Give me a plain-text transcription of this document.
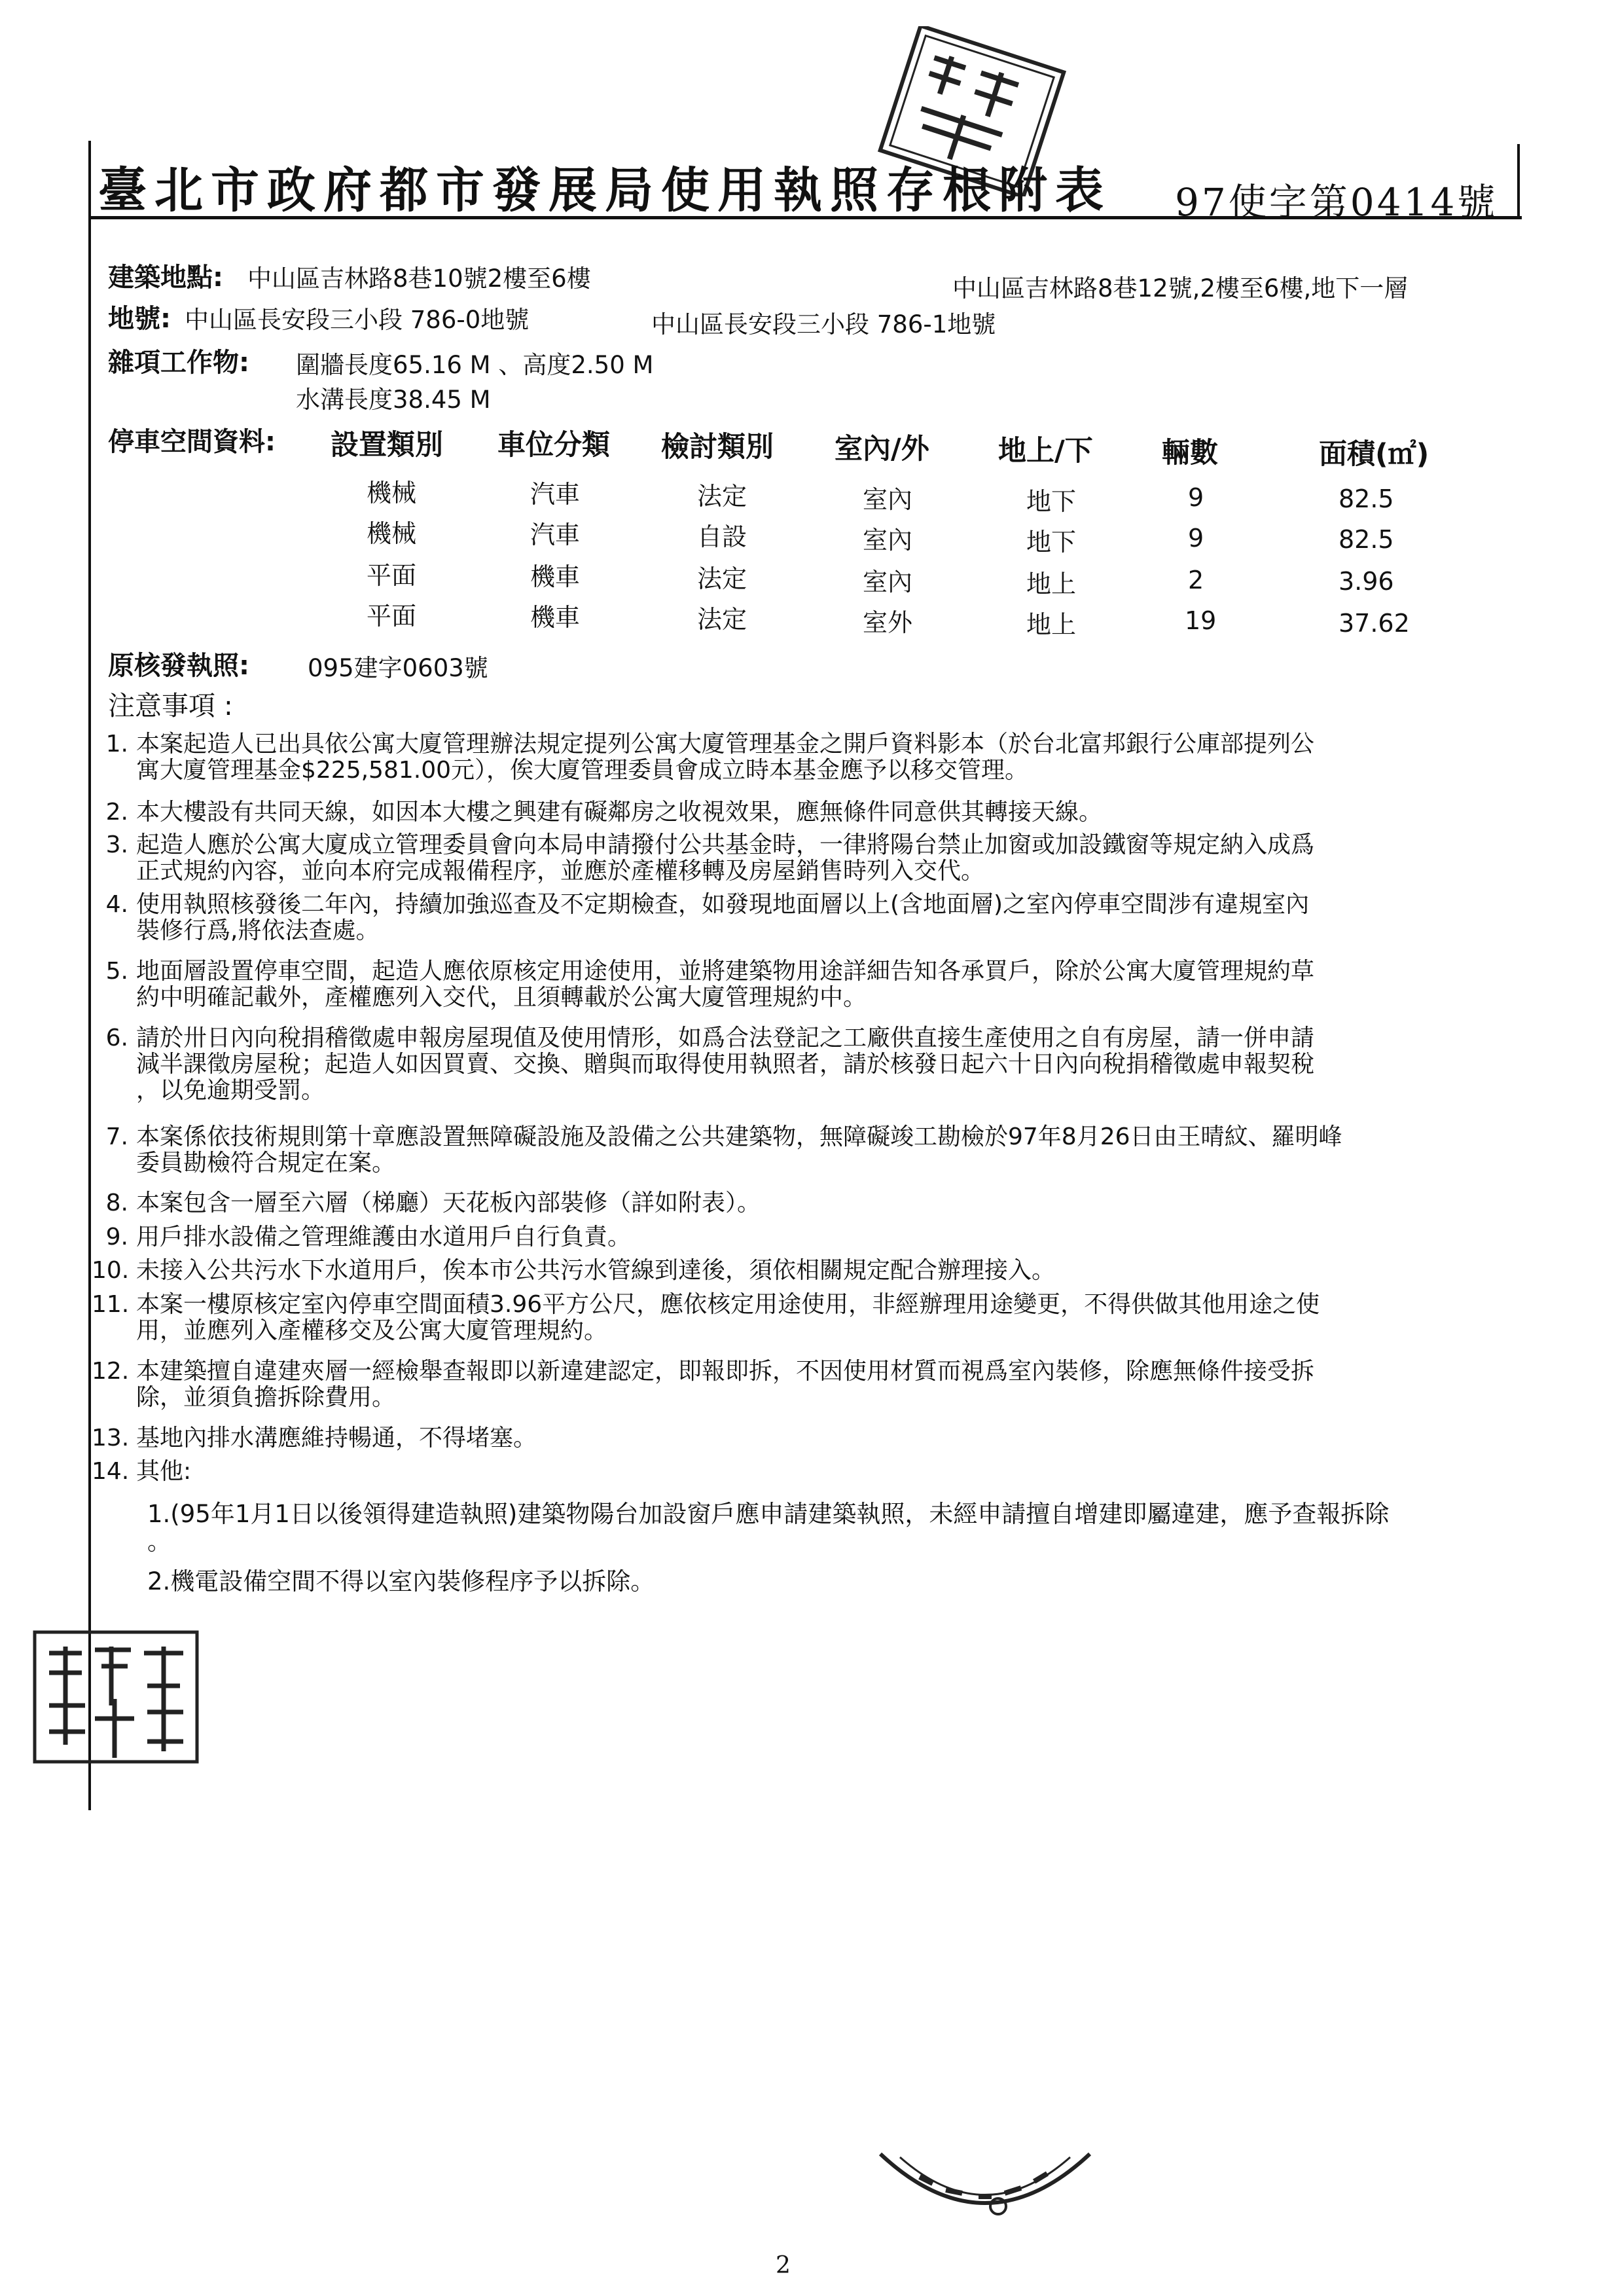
臺北市政府都市發展局使用執照存根附表 97使字第0414號
建築地點: 中山區吉林路8巷10號2樓至6樓	中山區吉林路8巷12號,2樓至6樓,地下一層
地號: 中山區長安段三小段 786-0地號	中山區長安段三小段 786-1地號
雜項工作物: 圍牆長度65.16 M 、高度2.50 M
水溝長度38.45 M
停車空間資料: 設置類別 車位分類 檢討類別 室內/外 地上/下 輛數	面積(㎡)
機械	汽車	法定	室內	地下	9	82.5
機械	汽車	自設	室內	地下	9	82.5
平面	機車	法定	室內	地上	2	3.96
平面	機車	法定	室外	地上	19	37.62
原核發執照: 095建字0603號
注意事項 :
1. 本案起造人已出具依公寓大廈管理辦法規定提列公寓大廈管理基金之開戶資料影本（於台北富邦銀行公庫部提列公
寓大廈管理基金$225,581.00元），俟大廈管理委員會成立時本基金應予以移交管理。
2. 本大樓設有共同天線，如因本大樓之興建有礙鄰房之收視效果，應無條件同意供其轉接天線。
3. 起造人應於公寓大廈成立管理委員會向本局申請撥付公共基金時，一律將陽台禁止加窗或加設鐵窗等規定納入成爲
正式規約內容，並向本府完成報備程序，並應於產權移轉及房屋銷售時列入交代。
4. 使用執照核發後二年內，持續加強巡查及不定期檢查，如發現地面層以上(含地面層)之室內停車空間涉有違規室內
裝修行爲,將依法查處。
5. 地面層設置停車空間，起造人應依原核定用途使用，並將建築物用途詳細告知各承買戶，除於公寓大廈管理規約草
約中明確記載外，產權應列入交代，且須轉載於公寓大廈管理規約中。
6. 請於卅日內向稅捐稽徵處申報房屋現值及使用情形，如爲合法登記之工廠供直接生產使用之自有房屋，請一併申請
減半課徵房屋稅；起造人如因買賣、交換、贈與而取得使用執照者，請於核發日起六十日內向稅捐稽徵處申報契稅
，以免逾期受罰。
7. 本案係依技術規則第十章應設置無障礙設施及設備之公共建築物，無障礙竣工勘檢於97年8月26日由王晴紋、羅明峰
委員勘檢符合規定在案。
8. 本案包含一層至六層（梯廳）天花板內部裝修（詳如附表）。
9. 用戶排水設備之管理維護由水道用戶自行負責。
10. 未接入公共污水下水道用戶，俟本市公共污水管線到達後，須依相關規定配合辦理接入。
11. 本案一樓原核定室內停車空間面積3.96平方公尺，應依核定用途使用，非經辦理用途變更，不得供做其他用途之使
用，並應列入產權移交及公寓大廈管理規約。
12. 本建築擅自違建夾層一經檢舉查報即以新違建認定，即報即拆，不因使用材質而視爲室內裝修，除應無條件接受拆
除，並須負擔拆除費用。
13. 基地內排水溝應維持暢通，不得堵塞。
14. 其他:
1.(95年1月1日以後領得建造執照)建築物陽台加設窗戶應申請建築執照，未經申請擅自增建即屬違建，應予查報拆除
。
2.機電設備空間不得以室內裝修程序予以拆除。
2
